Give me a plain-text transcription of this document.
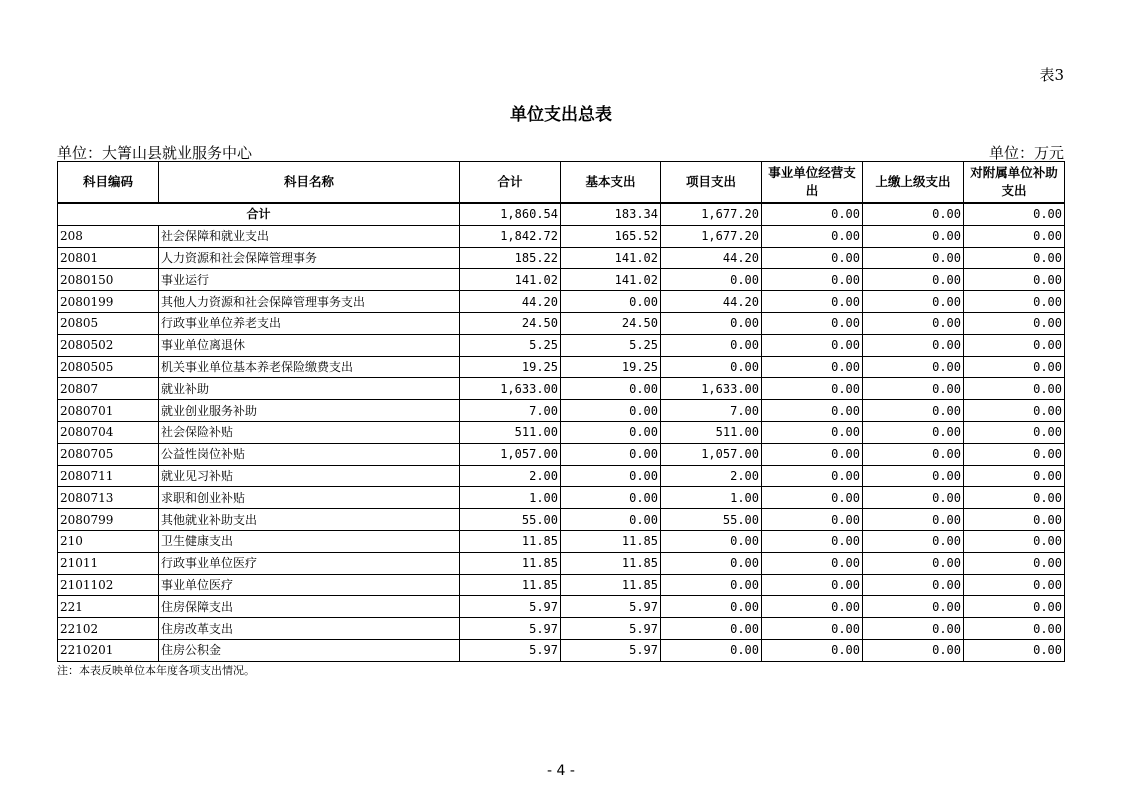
表3
单位支出总表
单位：大箐山县就业服务中心	单位：万元
科目编码	科目名称	合计	基本支出	项目支出	事业单位经营支出	上缴上级支出	对附属单位补助支出
合计		1,860.54	183.34	1,677.20	0.00	0.00	0.00
208	社会保障和就业支出	1,842.72	165.52	1,677.20	0.00	0.00	0.00
20801	人力资源和社会保障管理事务	185.22	141.02	44.20	0.00	0.00	0.00
2080150	事业运行	141.02	141.02	0.00	0.00	0.00	0.00
2080199	其他人力资源和社会保障管理事务支出	44.20	0.00	44.20	0.00	0.00	0.00
20805	行政事业单位养老支出	24.50	24.50	0.00	0.00	0.00	0.00
2080502	事业单位离退休	5.25	5.25	0.00	0.00	0.00	0.00
2080505	机关事业单位基本养老保险缴费支出	19.25	19.25	0.00	0.00	0.00	0.00
20807	就业补助	1,633.00	0.00	1,633.00	0.00	0.00	0.00
2080701	就业创业服务补助	7.00	0.00	7.00	0.00	0.00	0.00
2080704	社会保险补贴	511.00	0.00	511.00	0.00	0.00	0.00
2080705	公益性岗位补贴	1,057.00	0.00	1,057.00	0.00	0.00	0.00
2080711	就业见习补贴	2.00	0.00	2.00	0.00	0.00	0.00
2080713	求职和创业补贴	1.00	0.00	1.00	0.00	0.00	0.00
2080799	其他就业补助支出	55.00	0.00	55.00	0.00	0.00	0.00
210	卫生健康支出	11.85	11.85	0.00	0.00	0.00	0.00
21011	行政事业单位医疗	11.85	11.85	0.00	0.00	0.00	0.00
2101102	事业单位医疗	11.85	11.85	0.00	0.00	0.00	0.00
221	住房保障支出	5.97	5.97	0.00	0.00	0.00	0.00
22102	住房改革支出	5.97	5.97	0.00	0.00	0.00	0.00
2210201	住房公积金	5.97	5.97	0.00	0.00	0.00	0.00
注：本表反映单位本年度各项支出情况。
- 4 -
